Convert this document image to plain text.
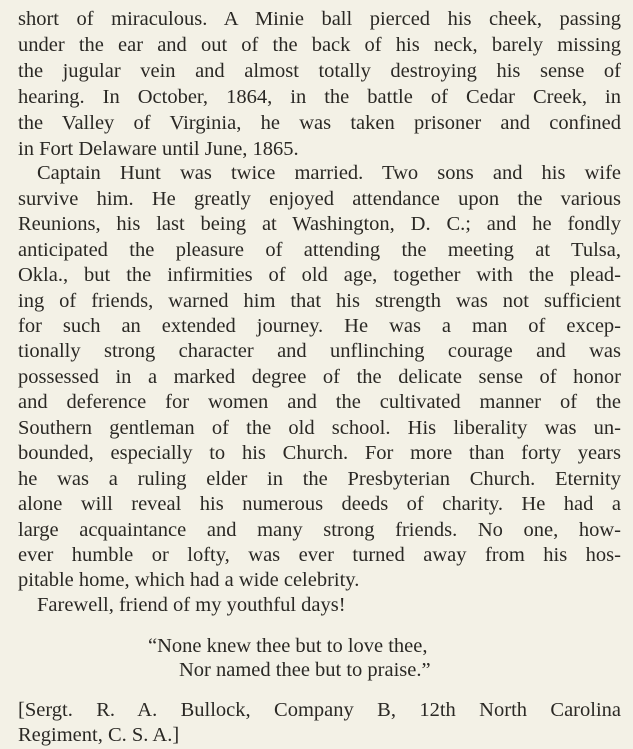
short of miraculous. A Minie ball pierced his cheek, passing
under the ear and out of the back of his neck, barely missing
the jugular vein and almost totally destroying his sense of
hearing. In October, 1864, in the battle of Cedar Creek, in
the Valley of Virginia, he was taken prisoner and confined
in Fort Delaware until June, 1865.
Captain Hunt was twice married. Two sons and his wife
survive him. He greatly enjoyed attendance upon the various
Reunions, his last being at Washington, D. C.; and he fondly
anticipated the pleasure of attending the meeting at Tulsa,
Okla., but the infirmities of old age, together with the plead-
ing of friends, warned him that his strength was not sufficient
for such an extended journey. He was a man of excep-
tionally strong character and unflinching courage and was
possessed in a marked degree of the delicate sense of honor
and deference for women and the cultivated manner of the
Southern gentleman of the old school. His liberality was un-
bounded, especially to his Church. For more than forty years
he was a ruling elder in the Presbyterian Church. Eternity
alone will reveal his numerous deeds of charity. He had a
large acquaintance and many strong friends. No one, how-
ever humble or lofty, was ever turned away from his hos-
pitable home, which had a wide celebrity.
Farewell, friend of my youthful days!
“None knew thee but to love thee,
Nor named thee but to praise.”
[Sergt. R. A. Bullock, Company B, 12th North Carolina
Regiment, C. S. A.]
